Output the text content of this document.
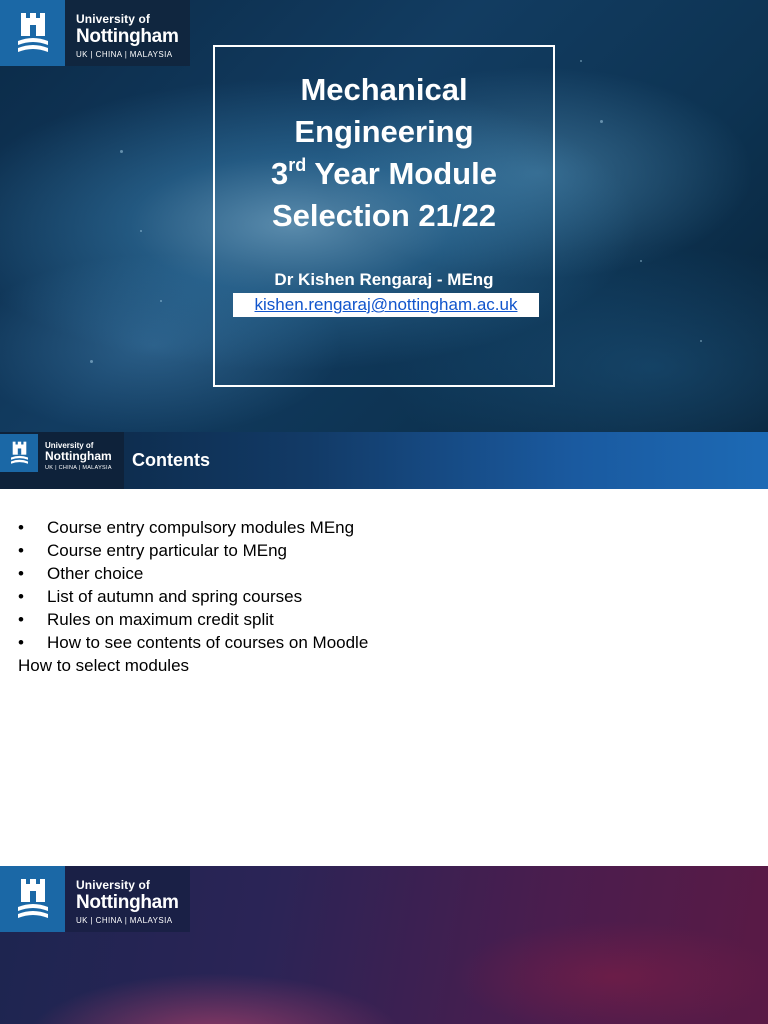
University of
Nottingham
UK | CHINA | MALAYSIA
Mechanical
Engineering
3rd Year Module
Selection 21/22
Dr Kishen Rengaraj - MEng
kishen.rengaraj@nottingham.ac.uk
University of
Nottingham
UK | CHINA | MALAYSIA Contents
•	Course entry compulsory modules MEng
•	Course entry particular to MEng
•	Other choice
•	List of autumn and spring courses
•	Rules on maximum credit split
•	How to see contents of courses on Moodle
How to select modules
University of
Nottingham
UK | CHINA | MALAYSIA
